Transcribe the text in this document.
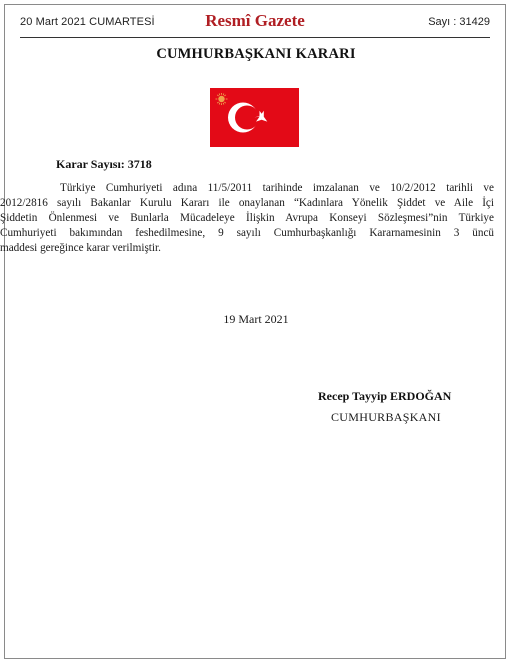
20 Mart 2021 CUMARTESİ	Resmî Gazete	Sayı : 31429
CUMHURBAŞKANI KARARI
Karar Sayısı: 3718
Türkiye Cumhuriyeti adına 11/5/2011 tarihinde imzalanan ve 10/2/2012 tarihli ve
2012/2816 sayılı Bakanlar Kurulu Kararı ile onaylanan “Kadınlara Yönelik Şiddet ve Aile İçi
Şiddetin Önlenmesi ve Bunlarla Mücadeleye İlişkin Avrupa Konseyi Sözleşmesi”nin Türkiye
Cumhuriyeti bakımından feshedilmesine, 9 sayılı Cumhurbaşkanlığı Kararnamesinin 3 üncü
maddesi gereğince karar verilmiştir.
19 Mart 2021
Recep Tayyip ERDOĞAN
CUMHURBAŞKANI
